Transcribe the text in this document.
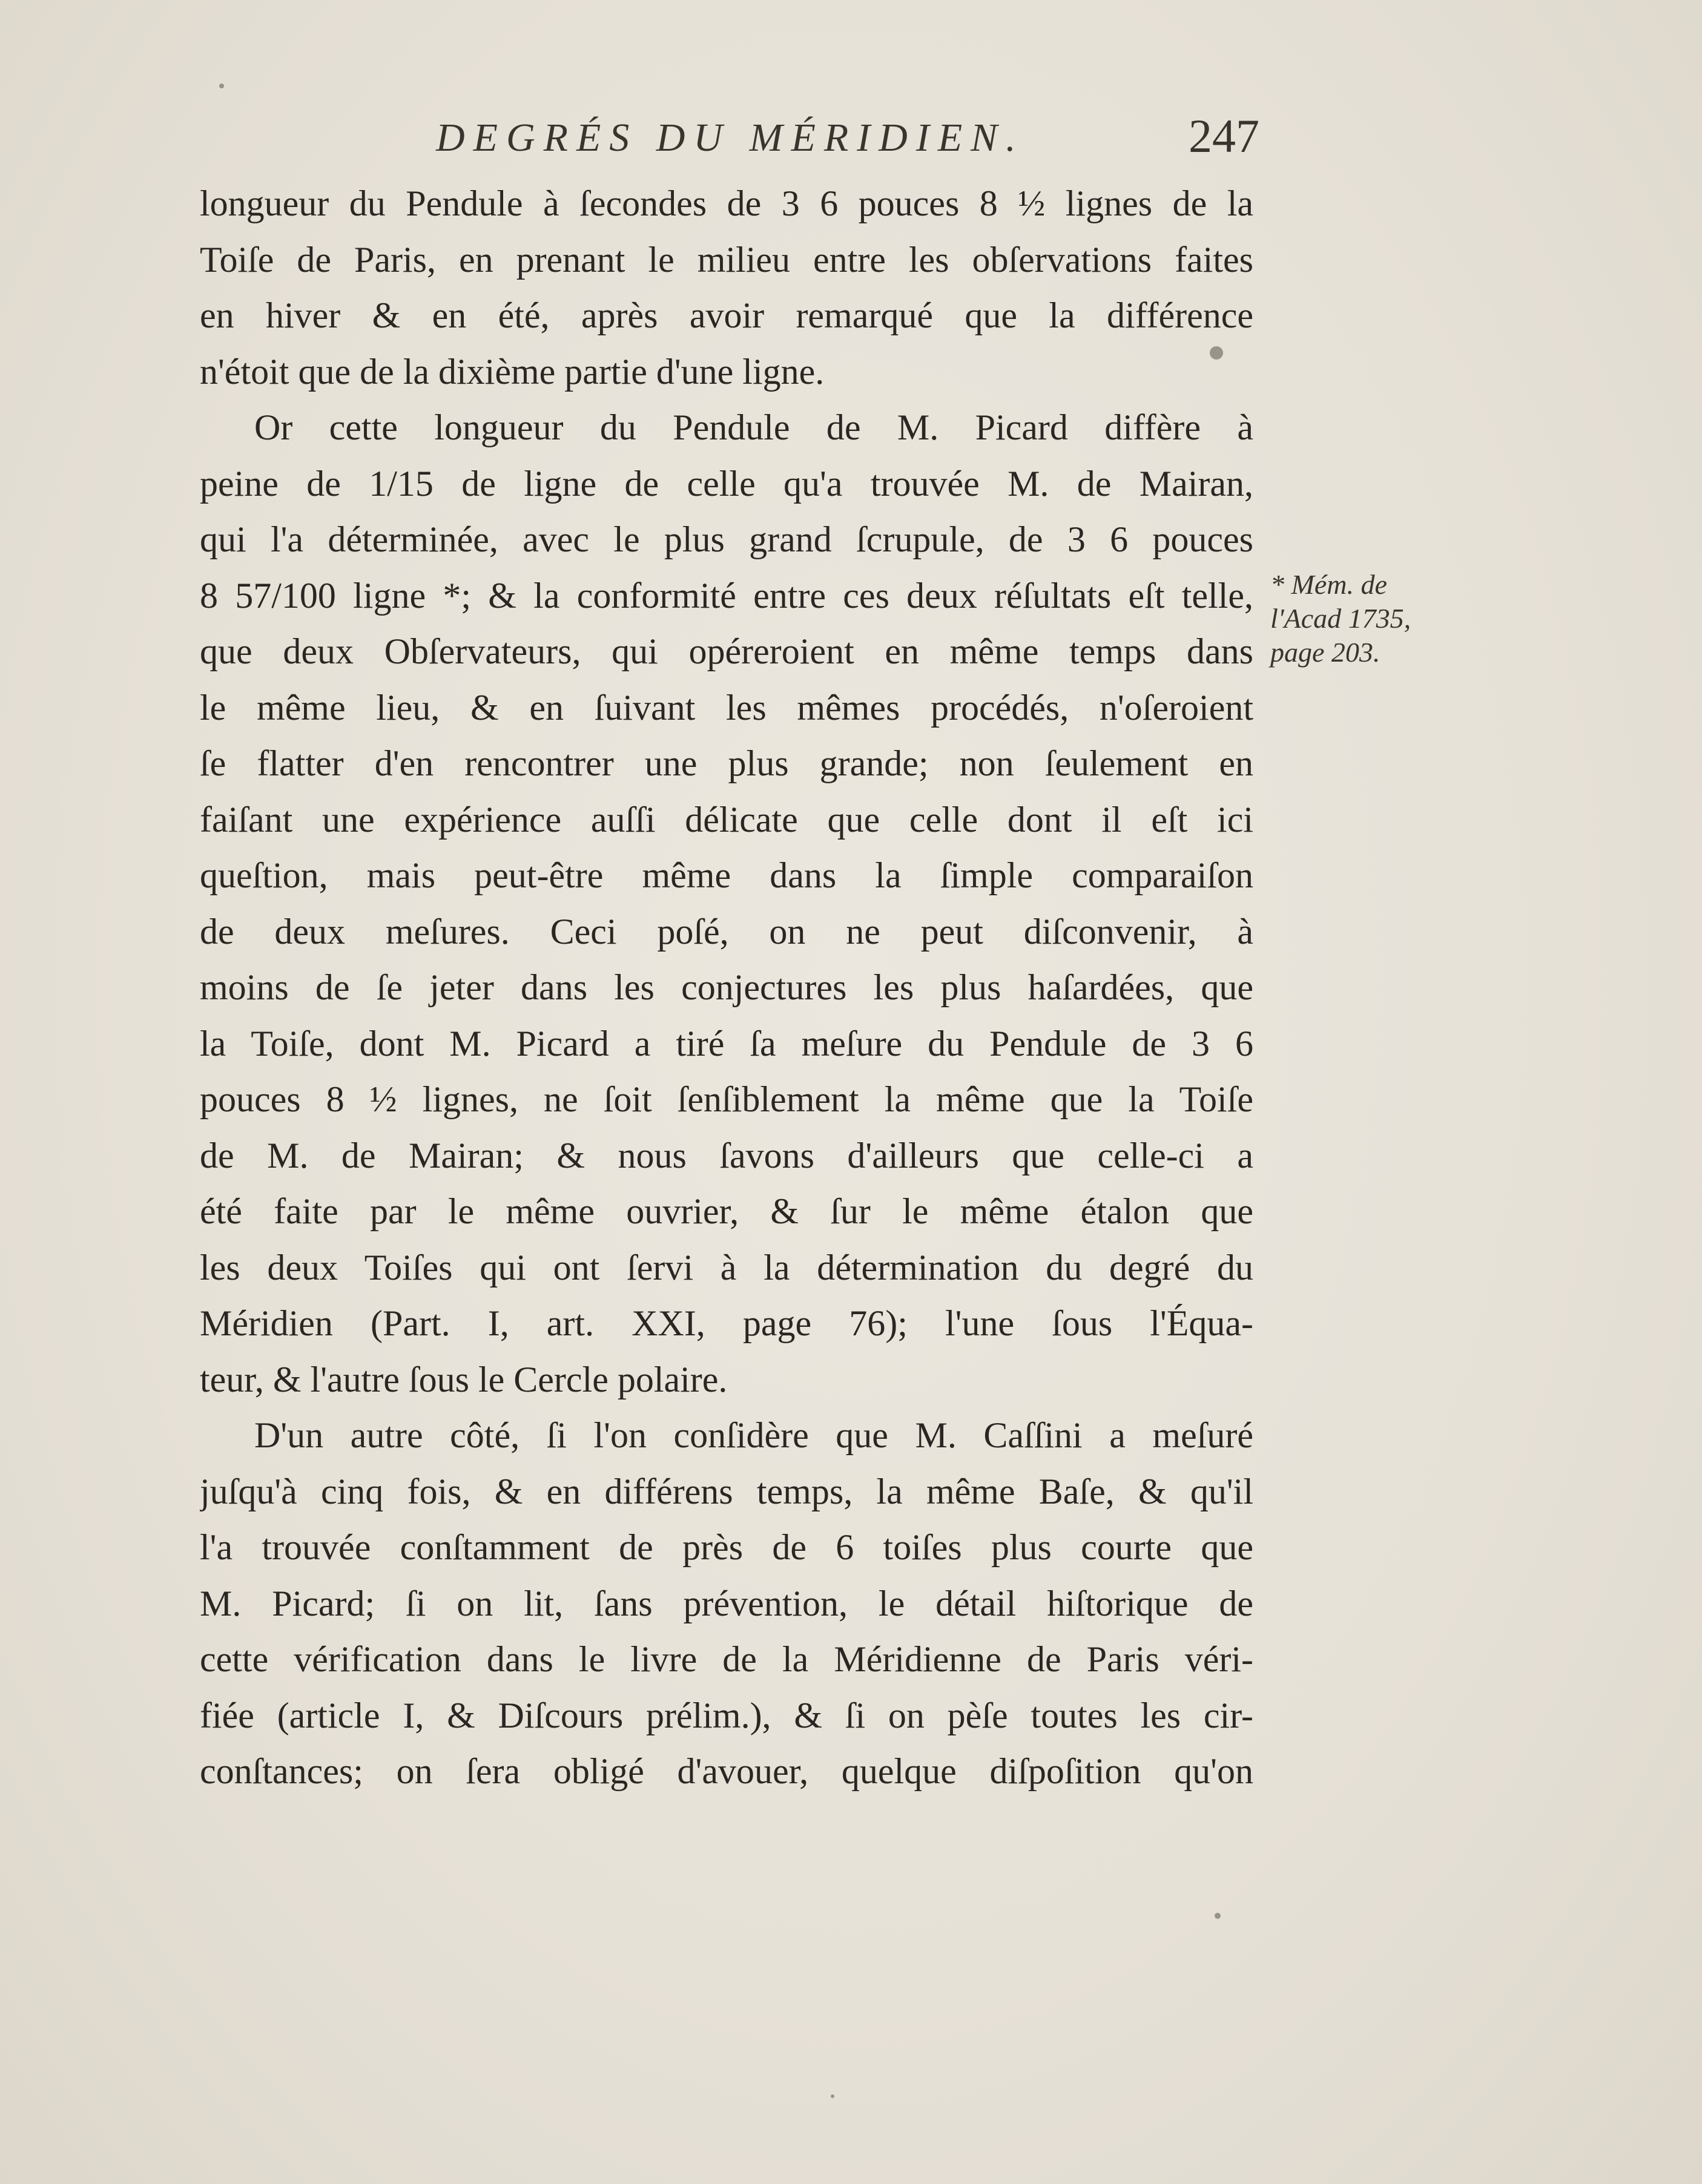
DEGRÉS DU MÉRIDIEN.	247
longueur du Pendule à ſecondes de 3 6 pouces 8 ½ lignes de la
Toiſe de Paris, en prenant le milieu entre les obſervations faites
en hiver & en été, après avoir remarqué que la différence
n'étoit que de la dixième partie d'une ligne.
Or cette longueur du Pendule de M. Picard diffère à
peine de 1/15 de ligne de celle qu'a trouvée M. de Mairan,
qui l'a déterminée, avec le plus grand ſcrupule, de 3 6 pouces
8 57/100 ligne *; & la conformité entre ces deux réſultats eſt telle,
que deux Obſervateurs, qui opéreroient en même temps dans
le même lieu, & en ſuivant les mêmes procédés, n'oſeroient
ſe flatter d'en rencontrer une plus grande; non ſeulement en
faiſant une expérience auſſi délicate que celle dont il eſt ici
queſtion, mais peut-être même dans la ſimple comparaiſon
de deux meſures. Ceci poſé, on ne peut diſconvenir, à
moins de ſe jeter dans les conjectures les plus haſardées, que
la Toiſe, dont M. Picard a tiré ſa meſure du Pendule de 3 6
pouces 8 ½ lignes, ne ſoit ſenſiblement la même que la Toiſe
de M. de Mairan; & nous ſavons d'ailleurs que celle-ci a
été faite par le même ouvrier, & ſur le même étalon que
les deux Toiſes qui ont ſervi à la détermination du degré du
Méridien (Part. I, art. XXI, page 76); l'une ſous l'Équa-
teur, & l'autre ſous le Cercle polaire.
D'un autre côté, ſi l'on conſidère que M. Caſſini a meſuré
juſqu'à cinq fois, & en différens temps, la même Baſe, & qu'il
l'a trouvée conſtamment de près de 6 toiſes plus courte que
M. Picard; ſi on lit, ſans prévention, le détail hiſtorique de
cette vérification dans le livre de la Méridienne de Paris véri-
fiée (article I, & Diſcours prélim.), & ſi on pèſe toutes les cir-
conſtances; on ſera obligé d'avouer, quelque diſpoſition qu'on
* Mém. de
l'Acad 1735,
page 203.
